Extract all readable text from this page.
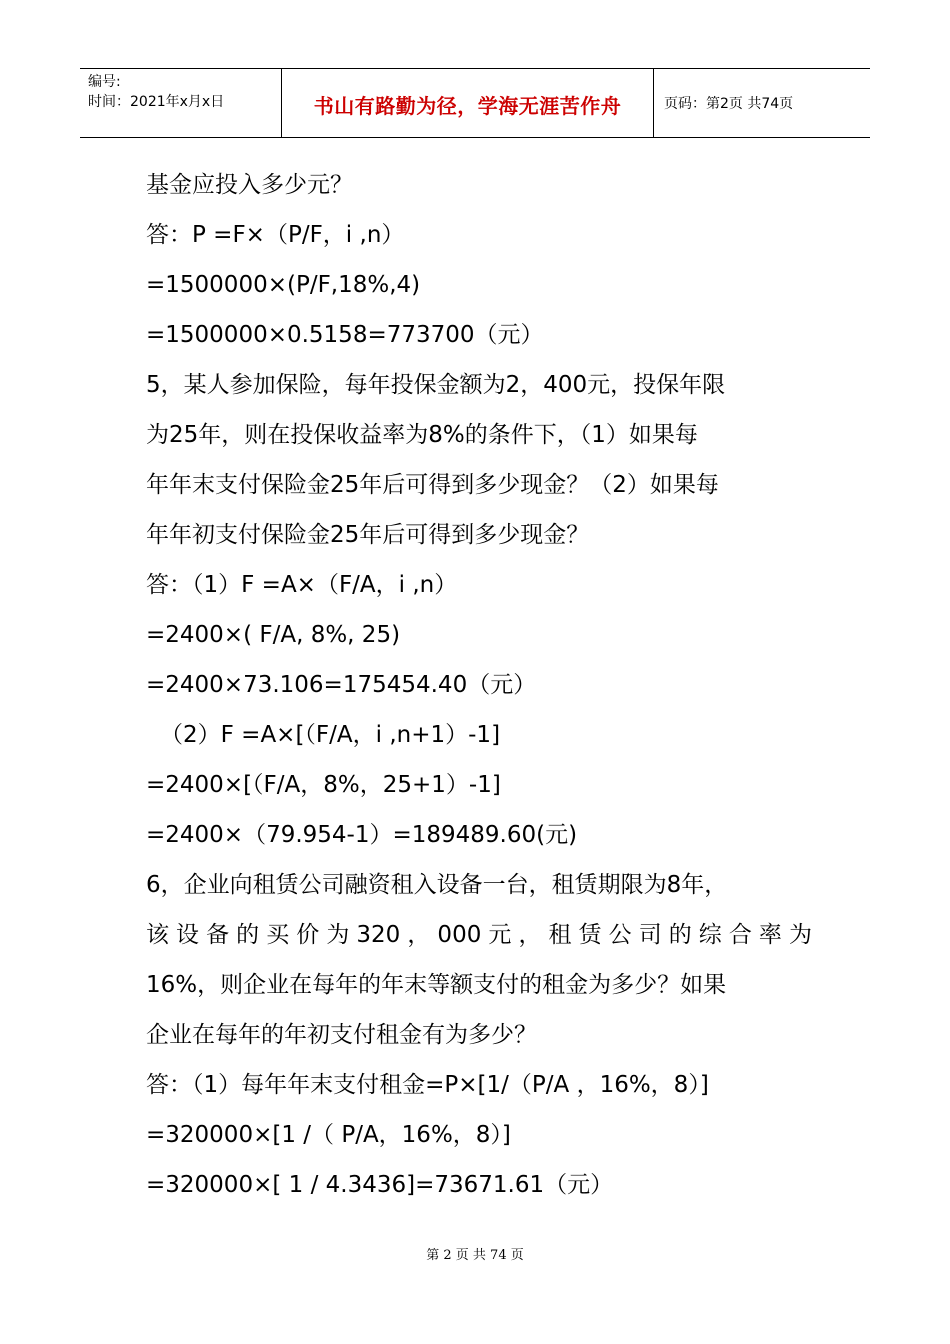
编号:
时间：2021年x月x日	书山有路勤为径，学海无涯苦作舟	页码：第2页 共74页
基金应投入多少元？
答：P =F×（P/F，i ,n）
=1500000×(P/F,18%,4)
=1500000×0.5158=773700（元）
5，某人参加保险，每年投保金额为2，400元，投保年限
为25年，则在投保收益率为8%的条件下，（1）如果每
年年末支付保险金25年后可得到多少现金？（2）如果每
年年初支付保险金25年后可得到多少现金？
答：（1）F =A×（F/A，i ,n）
=2400×( F/A, 8%, 25)
=2400×73.106=175454.40（元）
（2）F =A×[（F/A，i ,n+1）-1]
=2400×[（F/A，8%，25+1）-1]
=2400×（79.954-1）=189489.60(元)
6，企业向租赁公司融资租入设备一台，租赁期限为8年，
该设备的买价为320，000元，租赁公司的综合率为
16%，则企业在每年的年末等额支付的租金为多少？如果
企业在每年的年初支付租金有为多少？
答：（1）每年年末支付租金=P×[1/（P/A ，16%，8）]
=320000×[1 /（ P/A，16%，8）]
=320000×[ 1 / 4.3436]=73671.61（元）
第 2 页 共 74 页
